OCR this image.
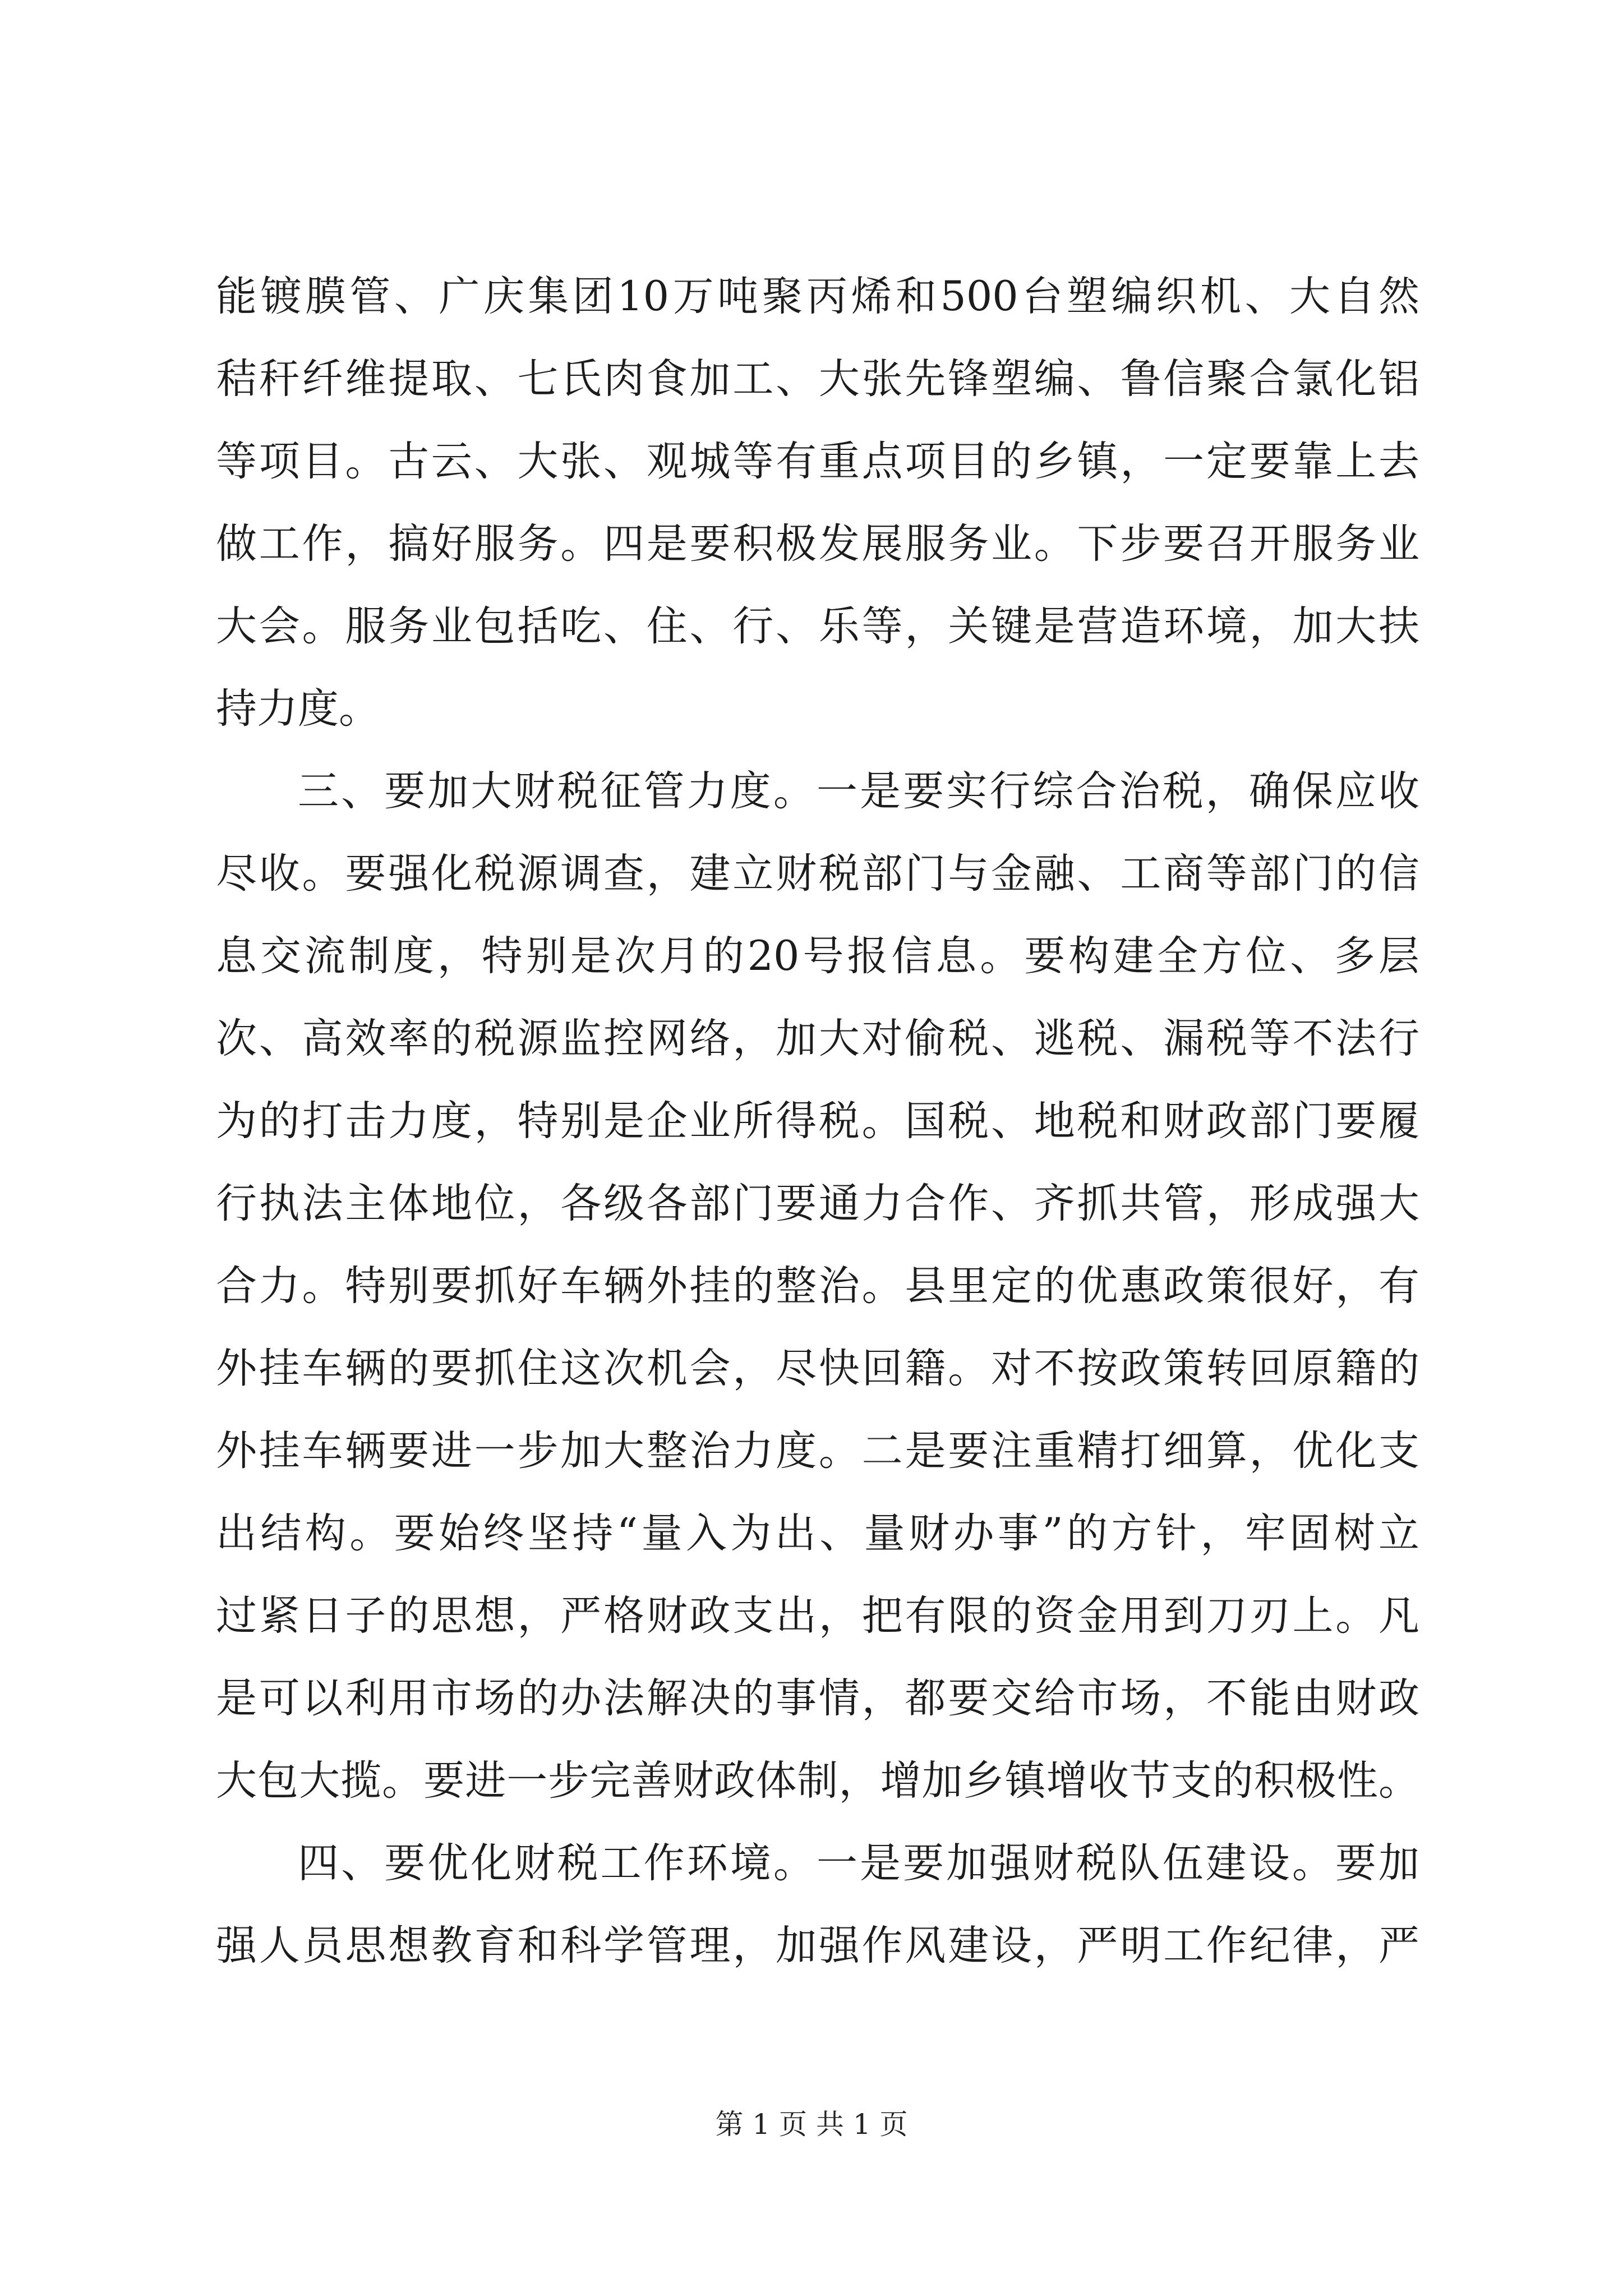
能镀膜管、广庆集团10万吨聚丙烯和500台塑编织机、大自然
秸秆纤维提取、七氏肉食加工、大张先锋塑编、鲁信聚合氯化铝
等项目。古云、大张、观城等有重点项目的乡镇，一定要靠上去
做工作，搞好服务。四是要积极发展服务业。下步要召开服务业
大会。服务业包括吃、住、行、乐等，关键是营造环境，加大扶
持力度。
三、要加大财税征管力度。一是要实行综合治税，确保应收
尽收。要强化税源调查，建立财税部门与金融、工商等部门的信
息交流制度，特别是次月的20号报信息。要构建全方位、多层
次、高效率的税源监控网络，加大对偷税、逃税、漏税等不法行
为的打击力度，特别是企业所得税。国税、地税和财政部门要履
行执法主体地位，各级各部门要通力合作、齐抓共管，形成强大
合力。特别要抓好车辆外挂的整治。县里定的优惠政策很好，有
外挂车辆的要抓住这次机会，尽快回籍。对不按政策转回原籍的
外挂车辆要进一步加大整治力度。二是要注重精打细算，优化支
出结构。要始终坚持“量入为出、量财办事”的方针，牢固树立
过紧日子的思想，严格财政支出，把有限的资金用到刀刃上。凡
是可以利用市场的办法解决的事情，都要交给市场，不能由财政
大包大揽。要进一步完善财政体制，增加乡镇增收节支的积极性。
四、要优化财税工作环境。一是要加强财税队伍建设。要加
强人员思想教育和科学管理，加强作风建设，严明工作纪律，严
第 1 页 共 1 页
